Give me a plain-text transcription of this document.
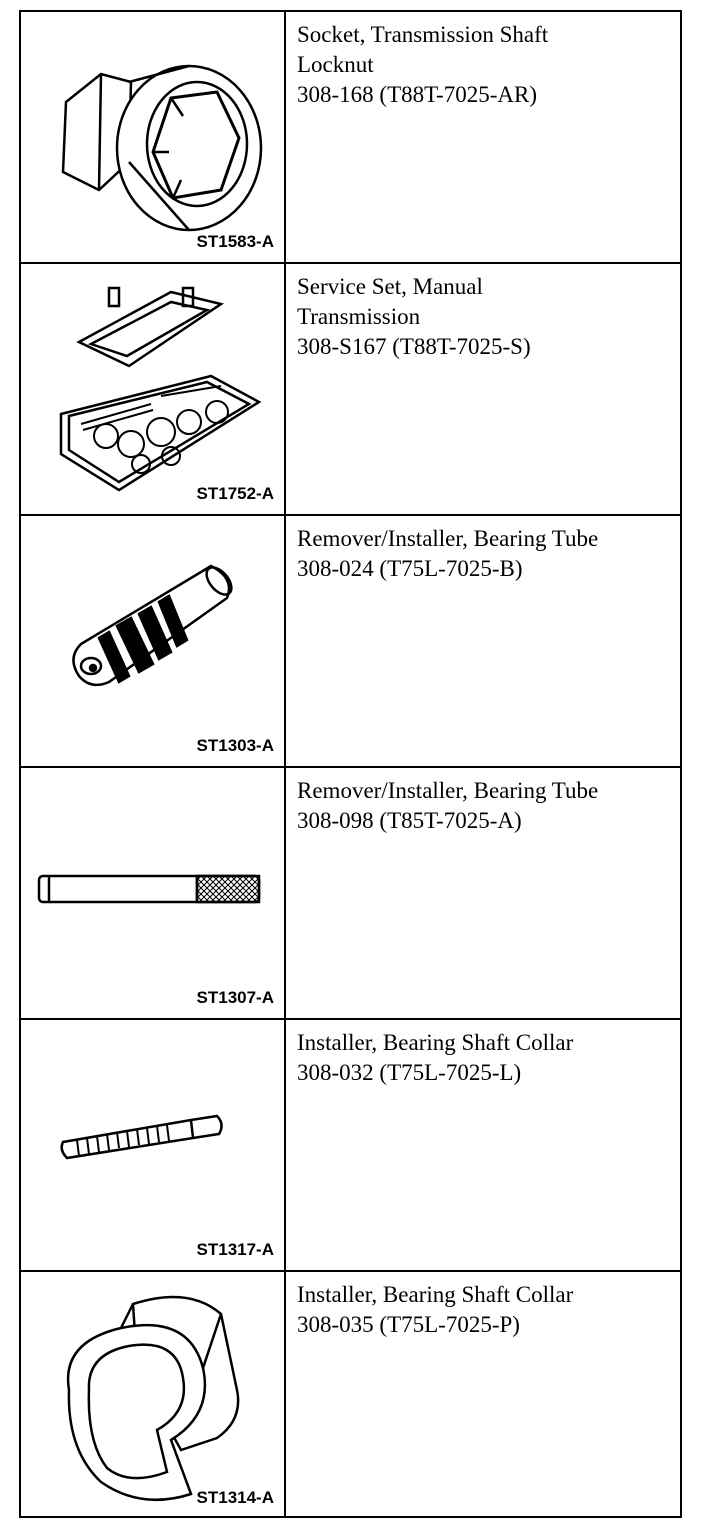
ST1583-A
Socket, Transmission Shaft
Locknut
308-168 (T88T-7025-AR)
ST1752-A
Service Set, Manual
Transmission
308-S167 (T88T-7025-S)
ST1303-A
Remover/Installer, Bearing Tube
308-024 (T75L-7025-B)
ST1307-A
Remover/Installer, Bearing Tube
308-098 (T85T-7025-A)
ST1317-A
Installer, Bearing Shaft Collar
308-032 (T75L-7025-L)
ST1314-A
Installer, Bearing Shaft Collar
308-035 (T75L-7025-P)
